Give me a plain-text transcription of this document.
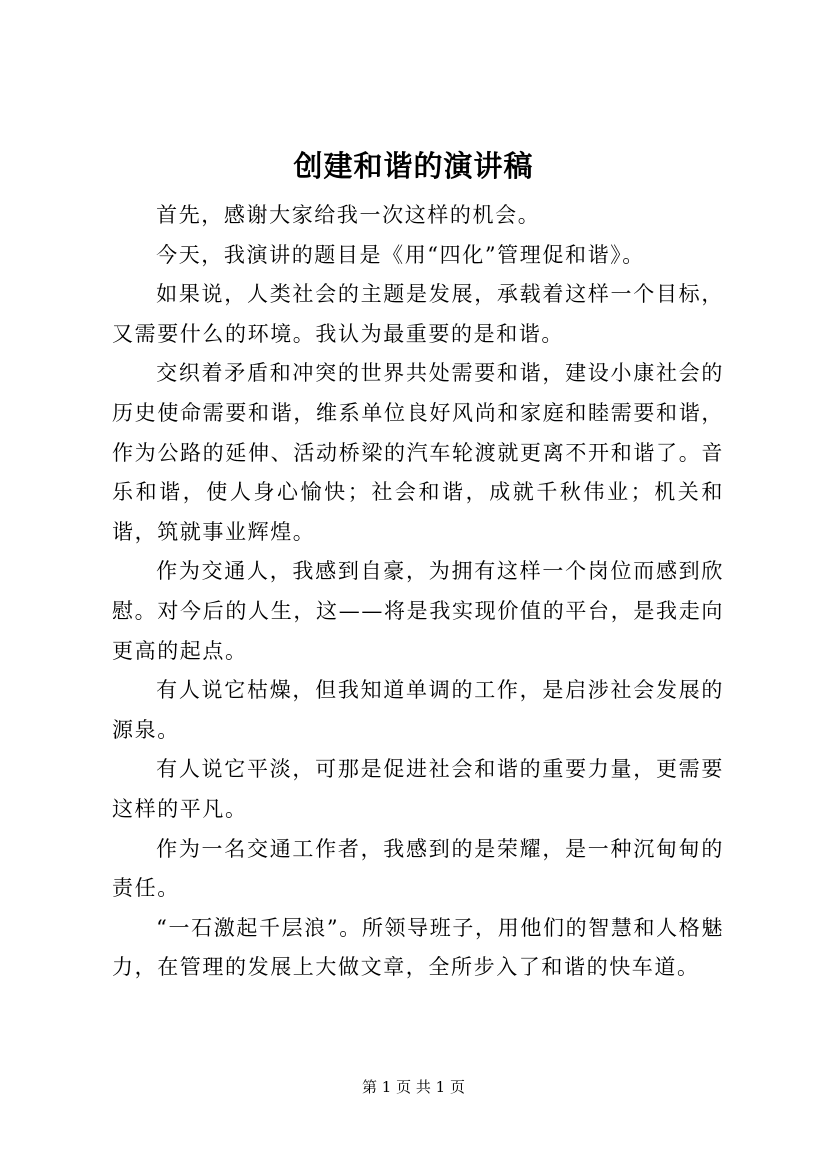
创建和谐的演讲稿

首先，感谢大家给我一次这样的机会。

今天，我演讲的题目是《用“四化”管理促和谐》。

如果说，人类社会的主题是发展，承载着这样一个目标，又需要什么的环境。我认为最重要的是和谐。

交织着矛盾和冲突的世界共处需要和谐，建设小康社会的历史使命需要和谐，维系单位良好风尚和家庭和睦需要和谐，作为公路的延伸、活动桥梁的汽车轮渡就更离不开和谐了。音乐和谐，使人身心愉快；社会和谐，成就千秋伟业；机关和谐，筑就事业辉煌。

作为交通人，我感到自豪，为拥有这样一个岗位而感到欣慰。对今后的人生，这——将是我实现价值的平台，是我走向更高的起点。

有人说它枯燥，但我知道单调的工作，是启涉社会发展的源泉。

有人说它平淡，可那是促进社会和谐的重要力量，更需要这样的平凡。

作为一名交通工作者，我感到的是荣耀，是一种沉甸甸的责任。

“一石激起千层浪”。所领导班子，用他们的智慧和人格魅力，在管理的发展上大做文章，全所步入了和谐的快车道。

第 1 页 共 1 页
